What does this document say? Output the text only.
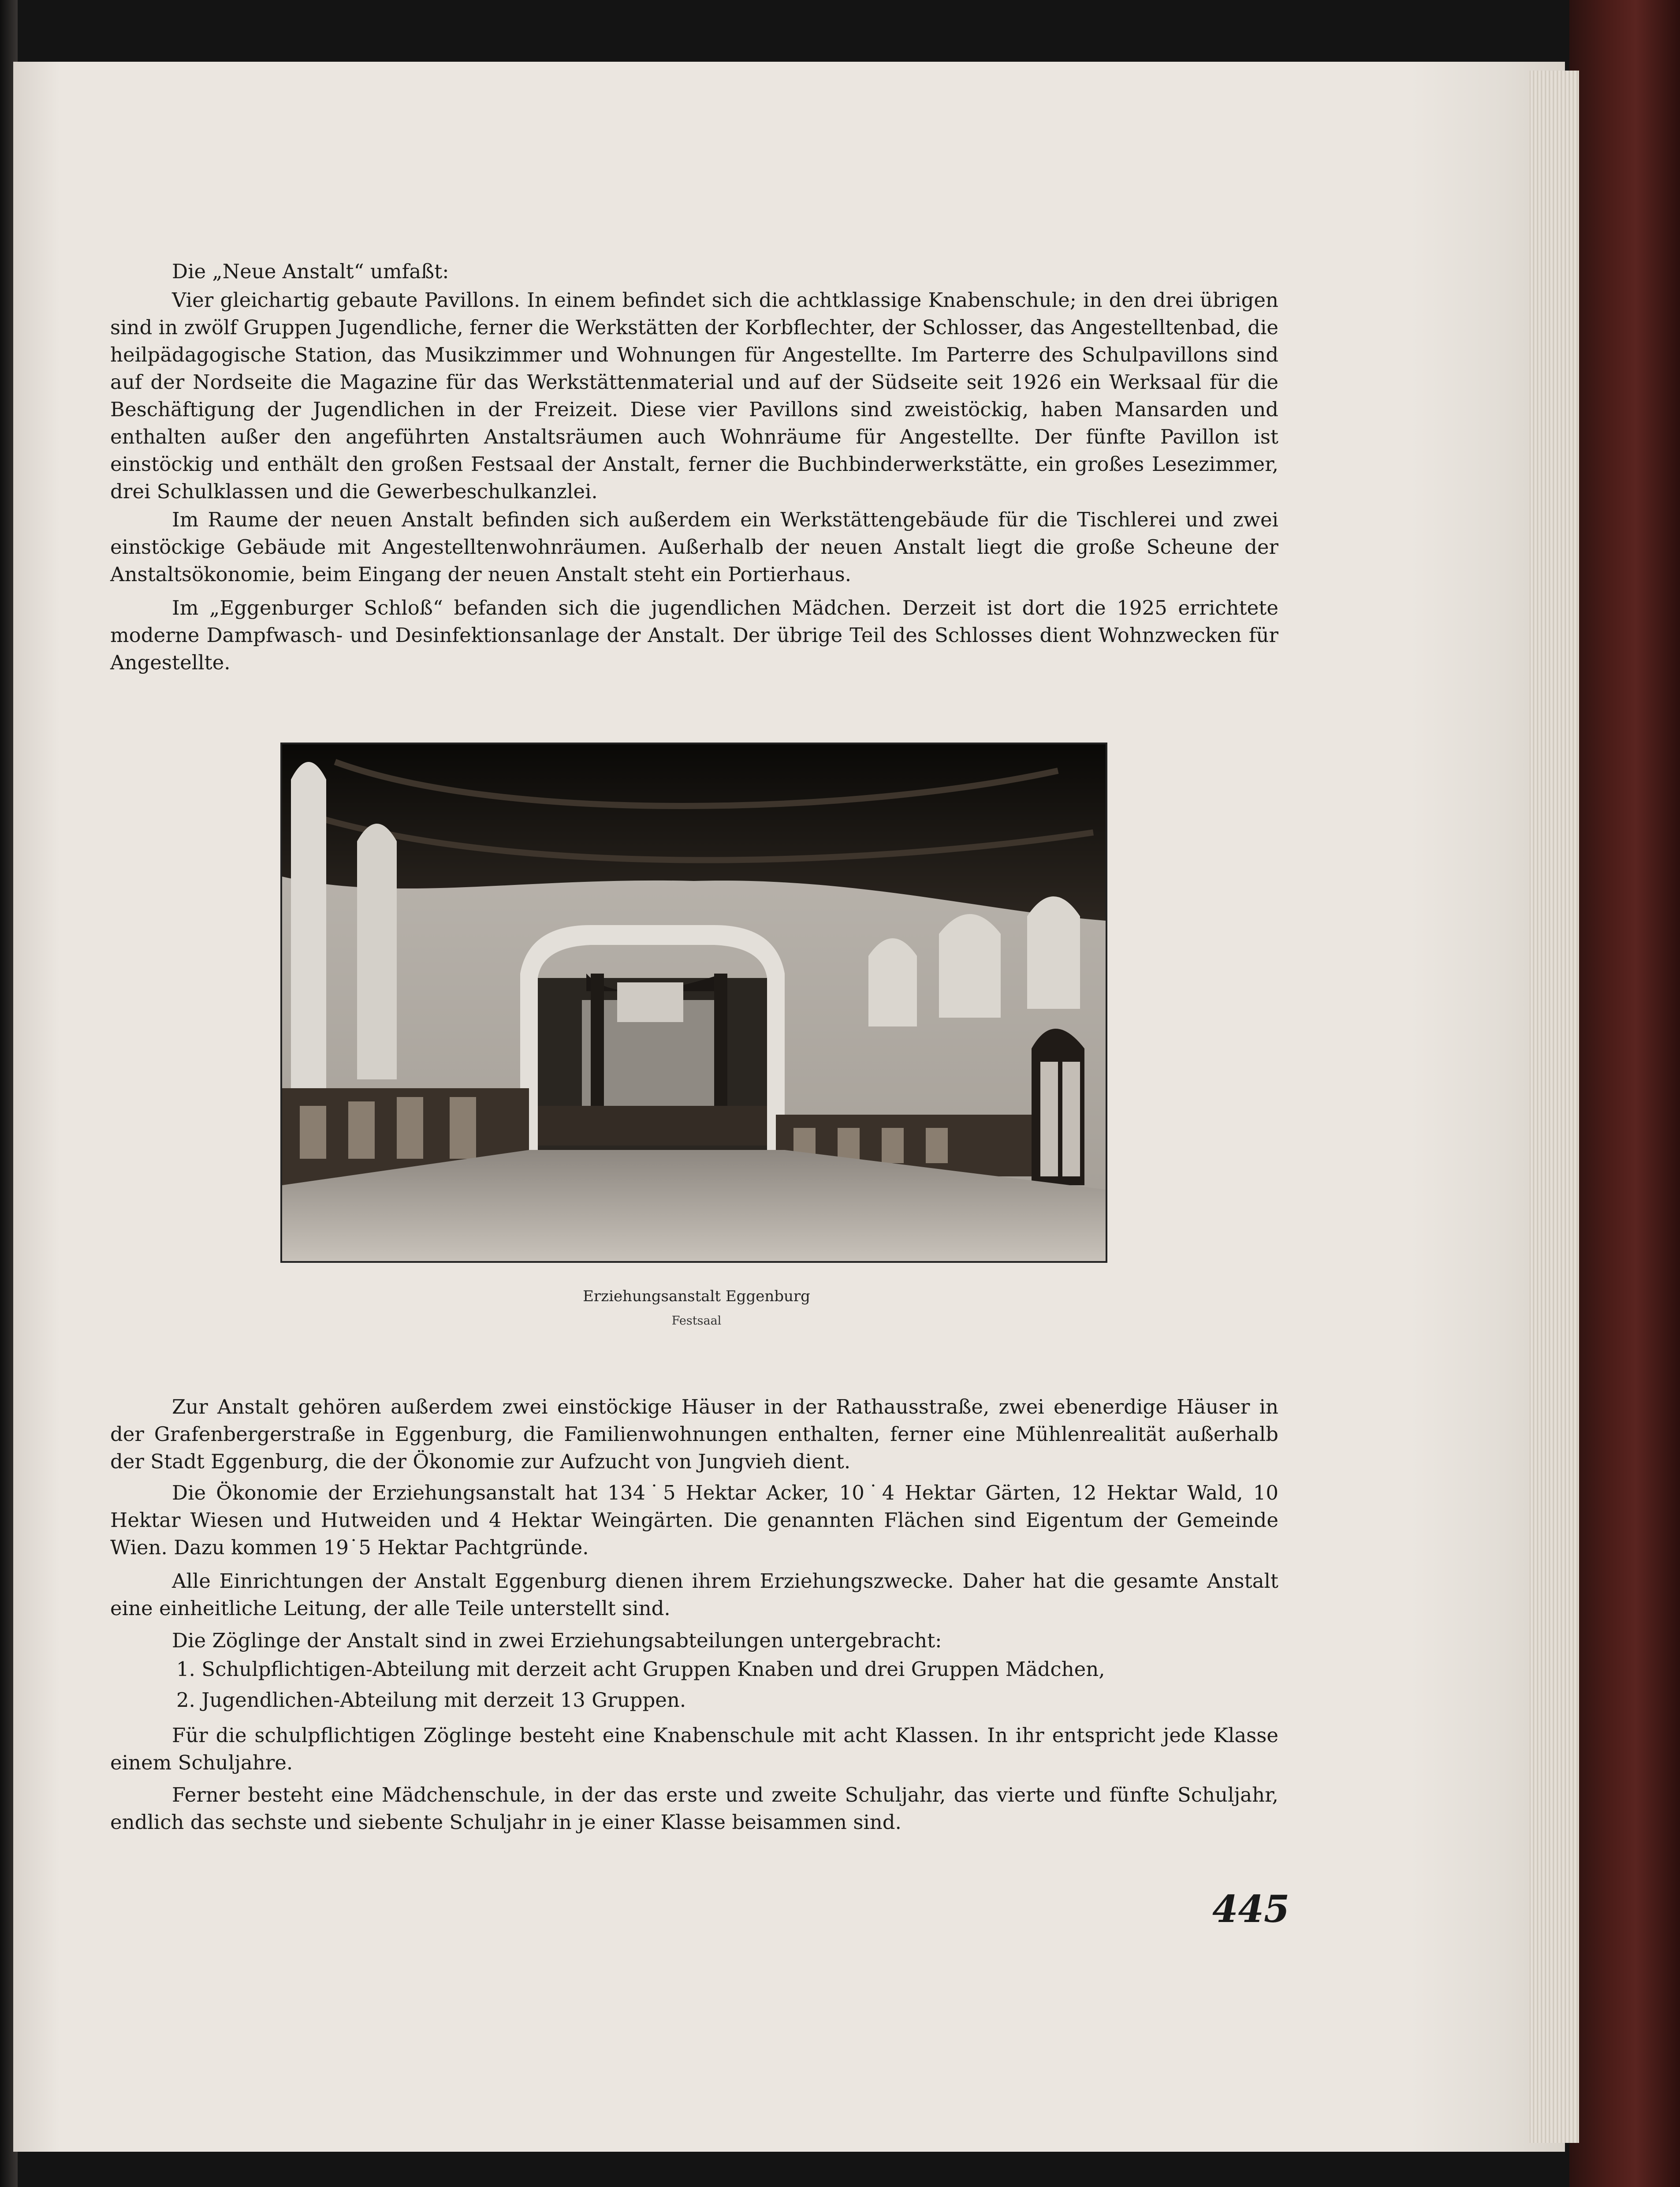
Die „Neue Anstalt“ umfaßt:

Vier gleichartig gebaute Pavillons. In einem befindet sich die achtklassige Knabenschule; in den drei übrigen sind in zwölf Gruppen Jugendliche, ferner die Werkstätten der Korbflechter, der Schlosser, das Angestelltenbad, die heilpädagogische Station, das Musikzimmer und Wohnungen für Angestellte. Im Parterre des Schulpavillons sind auf der Nordseite die Magazine für das Werkstättenmaterial und auf der Südseite seit 1926 ein Werksaal für die Beschäftigung der Jugendlichen in der Freizeit. Diese vier Pavillons sind zweistöckig, haben Mansarden und enthalten außer den angeführten Anstaltsräumen auch Wohnräume für Angestellte. Der fünfte Pavillon ist einstöckig und enthält den großen Festsaal der Anstalt, ferner die Buchbinderwerkstätte, ein großes Lesezimmer, drei Schulklassen und die Gewerbeschulkanzlei.

Im Raume der neuen Anstalt befinden sich außerdem ein Werkstättengebäude für die Tischlerei und zwei einstöckige Gebäude mit Angestelltenwohnräumen. Außerhalb der neuen Anstalt liegt die große Scheune der Anstaltsökonomie, beim Eingang der neuen Anstalt steht ein Portierhaus.

Im „Eggenburger Schloß“ befanden sich die jugendlichen Mädchen. Derzeit ist dort die 1925 errichtete moderne Dampfwasch- und Desinfektionsanlage der Anstalt. Der übrige Teil des Schlosses dient Wohnzwecken für Angestellte.

Erziehungsanstalt Eggenburg

Festsaal

Zur Anstalt gehören außerdem zwei einstöckige Häuser in der Rathausstraße, zwei ebenerdige Häuser in der Grafenbergerstraße in Eggenburg, die Familienwohnungen enthalten, ferner eine Mühlenrealität außerhalb der Stadt Eggenburg, die der Ökonomie zur Aufzucht von Jungvieh dient.

Die Ökonomie der Erziehungsanstalt hat 134˙5 Hektar Acker, 10˙4 Hektar Gärten, 12 Hektar Wald, 10 Hektar Wiesen und Hutweiden und 4 Hektar Weingärten. Die genannten Flächen sind Eigentum der Gemeinde Wien. Dazu kommen 19˙5 Hektar Pachtgründe.

Alle Einrichtungen der Anstalt Eggenburg dienen ihrem Erziehungszwecke. Daher hat die gesamte Anstalt eine einheitliche Leitung, der alle Teile unterstellt sind.

Die Zöglinge der Anstalt sind in zwei Erziehungsabteilungen untergebracht:

1. Schulpflichtigen-Abteilung mit derzeit acht Gruppen Knaben und drei Gruppen Mädchen,

2. Jugendlichen-Abteilung mit derzeit 13 Gruppen.

Für die schulpflichtigen Zöglinge besteht eine Knabenschule mit acht Klassen. In ihr entspricht jede Klasse einem Schuljahre.

Ferner besteht eine Mädchenschule, in der das erste und zweite Schuljahr, das vierte und fünfte Schuljahr, endlich das sechste und siebente Schuljahr in je einer Klasse beisammen sind.

445
